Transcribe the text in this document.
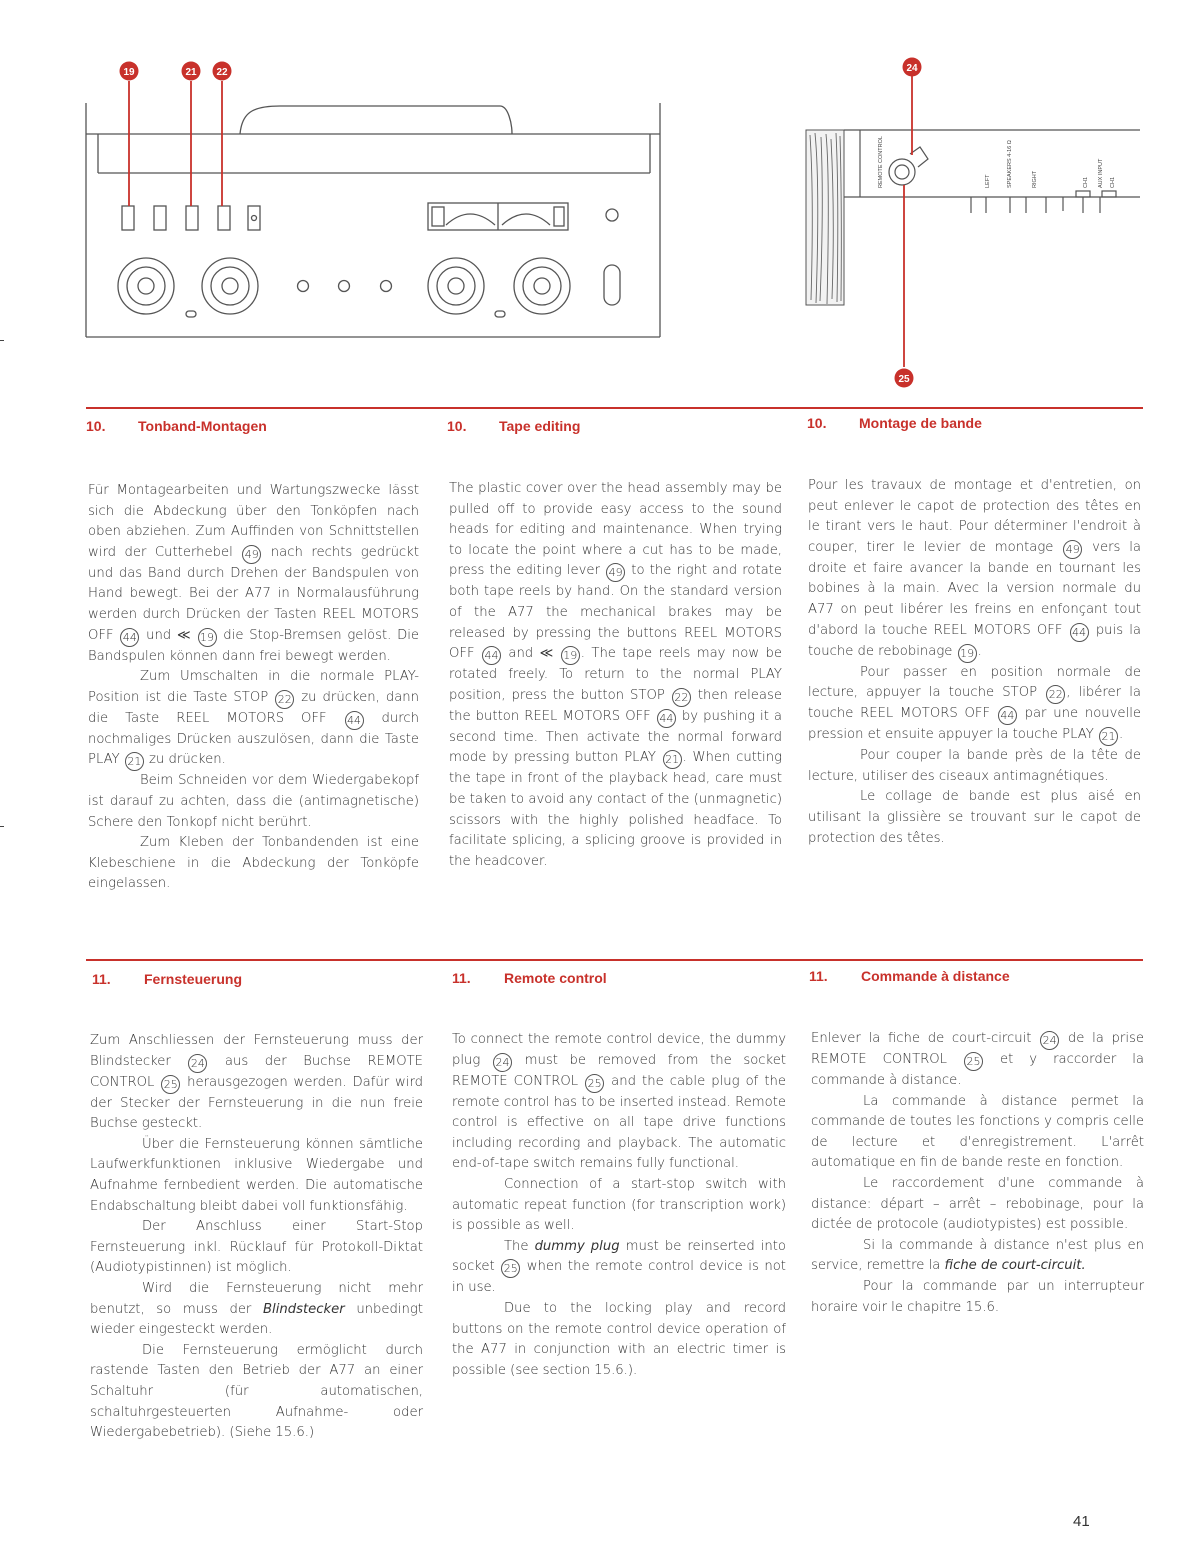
19	21 22
REMOTE CONTROL	LEFT	SPEAKERS 4-16 Ω	RIGHT	CH1 AUX INPUT CH1
24
25
10. Tonband-Montagen	10. Tape editing	10. Montage de bande

Für Montagearbeiten und Wartungszwecke lässt sich die Abdeckung über den Tonköpfen nach oben abziehen. Zum Auffinden von Schnittstellen wird der Cutterhebel 49 nach rechts gedrückt und das Band durch Drehen der Bandspulen von Hand bewegt. Bei der A77 in Normalausführung werden durch Drücken der Tasten REEL MOTORS OFF 44 und ≪ 19 die Stop-Bremsen gelöst. Die Bandspulen können dann frei bewegt werden.

Zum Umschalten in die normale PLAY-Position ist die Taste STOP 22 zu drücken, dann die Taste REEL MOTORS OFF 44 durch nochmaliges Drücken auszulösen, dann die Taste PLAY 21 zu drücken.

Beim Schneiden vor dem Wiedergabekopf ist darauf zu achten, dass die (antimagnetische) Schere den Tonkopf nicht berührt.

Zum Kleben der Tonbandenden ist eine Klebeschiene in die Abdeckung der Tonköpfe eingelassen.

The plastic cover over the head assembly may be pulled off to provide easy access to the sound heads for editing and maintenance. When trying to locate the point where a cut has to be made, press the editing lever 49 to the right and rotate both tape reels by hand. On the standard version of the A77 the mechanical brakes may be released by pressing the buttons REEL MOTORS OFF 44 and ≪ 19 . The tape reels may now be rotated freely. To return to the normal PLAY position, press the button STOP 22 then release the button REEL MOTORS OFF 44 by pushing it a second time. Then activate the normal forward mode by pressing button PLAY 21 . When cutting the tape in front of the playback head, care must be taken to avoid any contact of the (unmagnetic) scissors with the highly polished headface. To facilitate splicing, a splicing groove is provided in the headcover.

Pour les travaux de montage et d'entretien, on peut enlever le capot de protection des têtes en le tirant vers le haut. Pour déterminer l'endroit à couper, tirer le levier de montage 49 vers la droite et faire avancer la bande en tournant les bobines à la main. Avec la version normale du A77 on peut libérer les freins en enfonçant tout d'abord la touche REEL MOTORS OFF 44 puis la touche de rebobinage 19 .

Pour passer en position normale de lecture, appuyer la touche STOP 22 , libérer la touche REEL MOTORS OFF 44 par une nouvelle pression et ensuite appuyer la touche PLAY 21 .

Pour couper la bande près de la tête de lecture, utiliser des ciseaux antimagnétiques.

Le collage de bande est plus aisé en utilisant la glissière se trouvant sur le capot de protection des têtes.

11. Fernsteuerung	11. Remote control	11. Commande à distance

Zum Anschliessen der Fernsteuerung muss der Blindstecker 24 aus der Buchse REMOTE CONTROL 25 herausgezogen werden. Dafür wird der Stecker der Fernsteuerung in die nun freie Buchse gesteckt.

Über die Fernsteuerung können sämtliche Laufwerkfunktionen inklusive Wiedergabe und Aufnahme fernbedient werden. Die automatische Endabschaltung bleibt dabei voll funktionsfähig.

Der Anschluss einer Start-Stop Fernsteuerung inkl. Rücklauf für Protokoll-Diktat (Audiotypistinnen) ist möglich.

Wird die Fernsteuerung nicht mehr benutzt, so muss der Blindstecker unbedingt wieder eingesteckt werden.

Die Fernsteuerung ermöglicht durch rastende Tasten den Betrieb der A77 an einer Schaltuhr (für automatischen, schaltuhrgesteuerten Aufnahme- oder Wiedergabebetrieb). (Siehe 15.6.)

To connect the remote control device, the dummy plug 24 must be removed from the socket REMOTE CONTROL 25 and the cable plug of the remote control has to be inserted instead. Remote control is effective on all tape drive functions including recording and playback. The automatic end-of-tape switch remains fully functional.

Connection of a start-stop switch with automatic repeat function (for transcription work) is possible as well.

The dummy plug must be reinserted into socket 25 when the remote control device is not in use.

Due to the locking play and record buttons on the remote control device operation of the A77 in conjunction with an electric timer is possible (see section 15.6.).

Enlever la fiche de court-circuit 24 de la prise REMOTE CONTROL 25 et y raccorder la commande à distance.

La commande à distance permet la commande de toutes les fonctions y compris celle de lecture et d'enregistrement. L'arrêt automatique en fin de bande reste en fonction.

Le raccordement d'une commande à distance: départ – arrêt – rebobinage, pour la dictée de protocole (audiotypistes) est possible.

Si la commande à distance n'est plus en service, remettre la fiche de court-circuit.

Pour la commande par un interrupteur horaire voir le chapitre 15.6.

41
